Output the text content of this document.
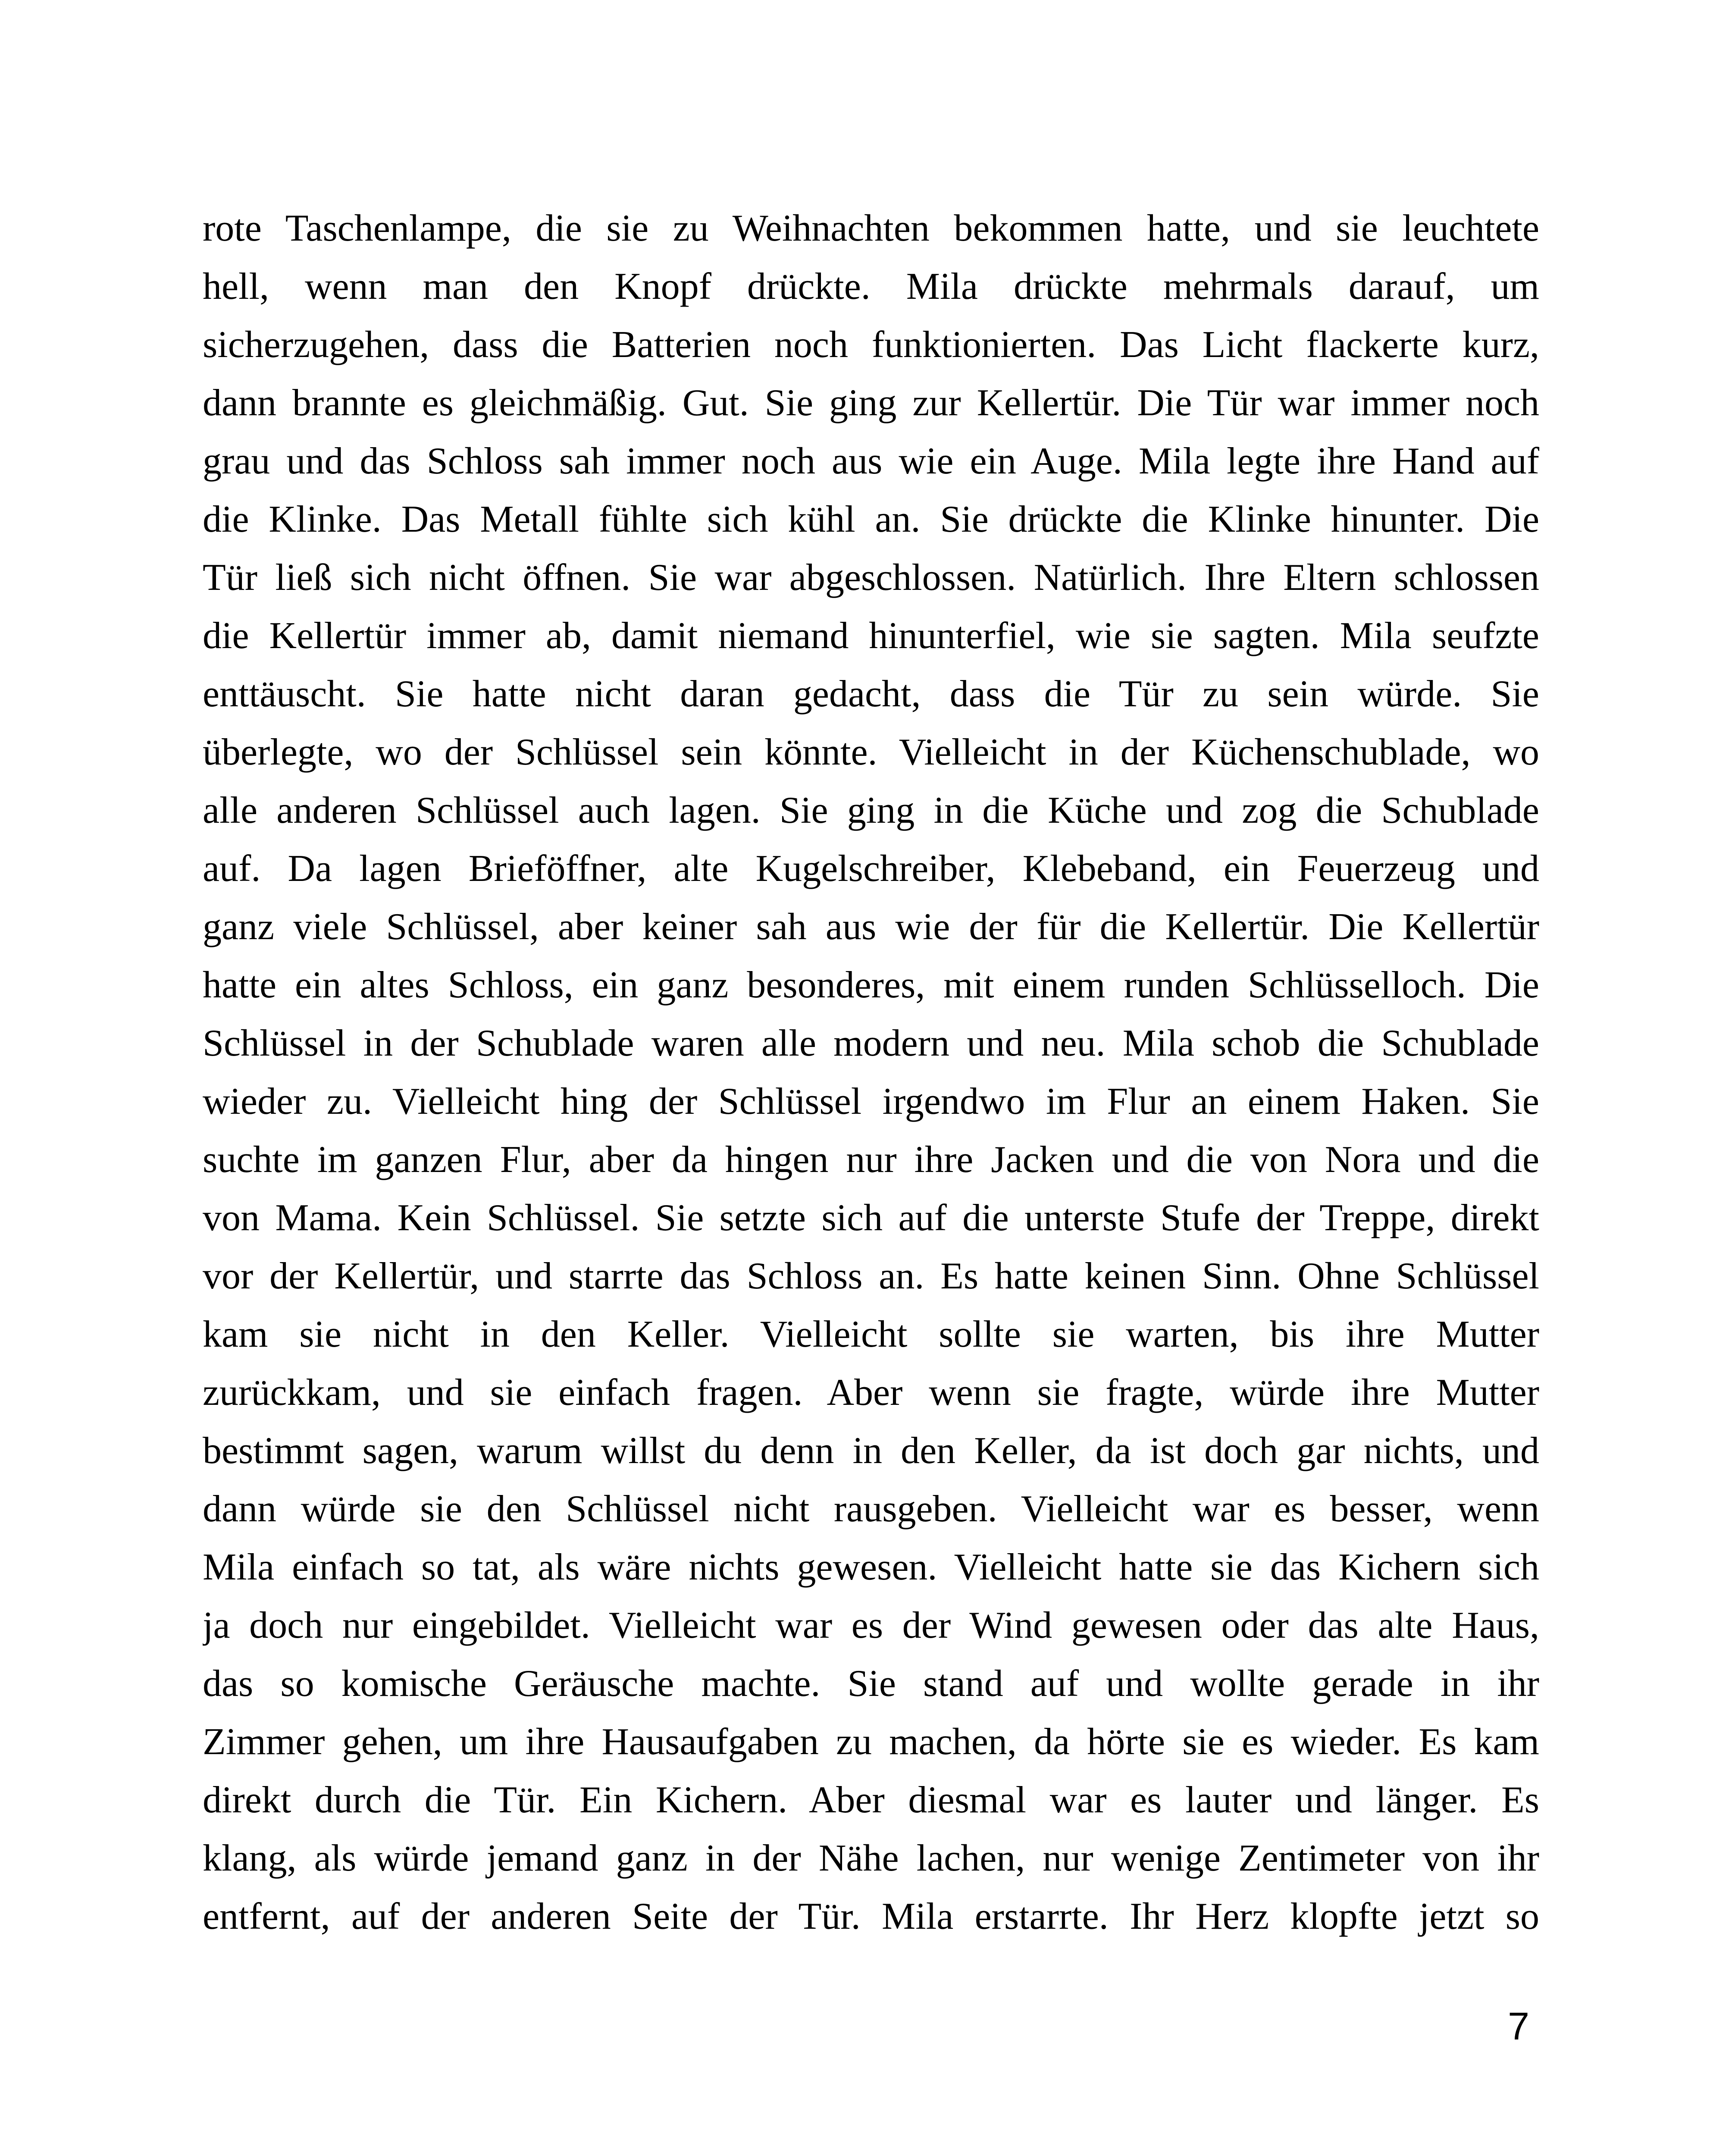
rote Taschenlampe, die sie zu Weihnachten bekommen hatte, und sie leuchtete
hell, wenn man den Knopf drückte. Mila drückte mehrmals darauf, um
sicherzugehen, dass die Batterien noch funktionierten. Das Licht flackerte kurz,
dann brannte es gleichmäßig. Gut. Sie ging zur Kellertür. Die Tür war immer noch
grau und das Schloss sah immer noch aus wie ein Auge. Mila legte ihre Hand auf
die Klinke. Das Metall fühlte sich kühl an. Sie drückte die Klinke hinunter. Die
Tür ließ sich nicht öffnen. Sie war abgeschlossen. Natürlich. Ihre Eltern schlossen
die Kellertür immer ab, damit niemand hinunterfiel, wie sie sagten. Mila seufzte
enttäuscht. Sie hatte nicht daran gedacht, dass die Tür zu sein würde. Sie
überlegte, wo der Schlüssel sein könnte. Vielleicht in der Küchenschublade, wo
alle anderen Schlüssel auch lagen. Sie ging in die Küche und zog die Schublade
auf. Da lagen Brieföffner, alte Kugelschreiber, Klebeband, ein Feuerzeug und
ganz viele Schlüssel, aber keiner sah aus wie der für die Kellertür. Die Kellertür
hatte ein altes Schloss, ein ganz besonderes, mit einem runden Schlüsselloch. Die
Schlüssel in der Schublade waren alle modern und neu. Mila schob die Schublade
wieder zu. Vielleicht hing der Schlüssel irgendwo im Flur an einem Haken. Sie
suchte im ganzen Flur, aber da hingen nur ihre Jacken und die von Nora und die
von Mama. Kein Schlüssel. Sie setzte sich auf die unterste Stufe der Treppe, direkt
vor der Kellertür, und starrte das Schloss an. Es hatte keinen Sinn. Ohne Schlüssel
kam sie nicht in den Keller. Vielleicht sollte sie warten, bis ihre Mutter
zurückkam, und sie einfach fragen. Aber wenn sie fragte, würde ihre Mutter
bestimmt sagen, warum willst du denn in den Keller, da ist doch gar nichts, und
dann würde sie den Schlüssel nicht rausgeben. Vielleicht war es besser, wenn
Mila einfach so tat, als wäre nichts gewesen. Vielleicht hatte sie das Kichern sich
ja doch nur eingebildet. Vielleicht war es der Wind gewesen oder das alte Haus,
das so komische Geräusche machte. Sie stand auf und wollte gerade in ihr
Zimmer gehen, um ihre Hausaufgaben zu machen, da hörte sie es wieder. Es kam
direkt durch die Tür. Ein Kichern. Aber diesmal war es lauter und länger. Es
klang, als würde jemand ganz in der Nähe lachen, nur wenige Zentimeter von ihr
entfernt, auf der anderen Seite der Tür. Mila erstarrte. Ihr Herz klopfte jetzt so
7
